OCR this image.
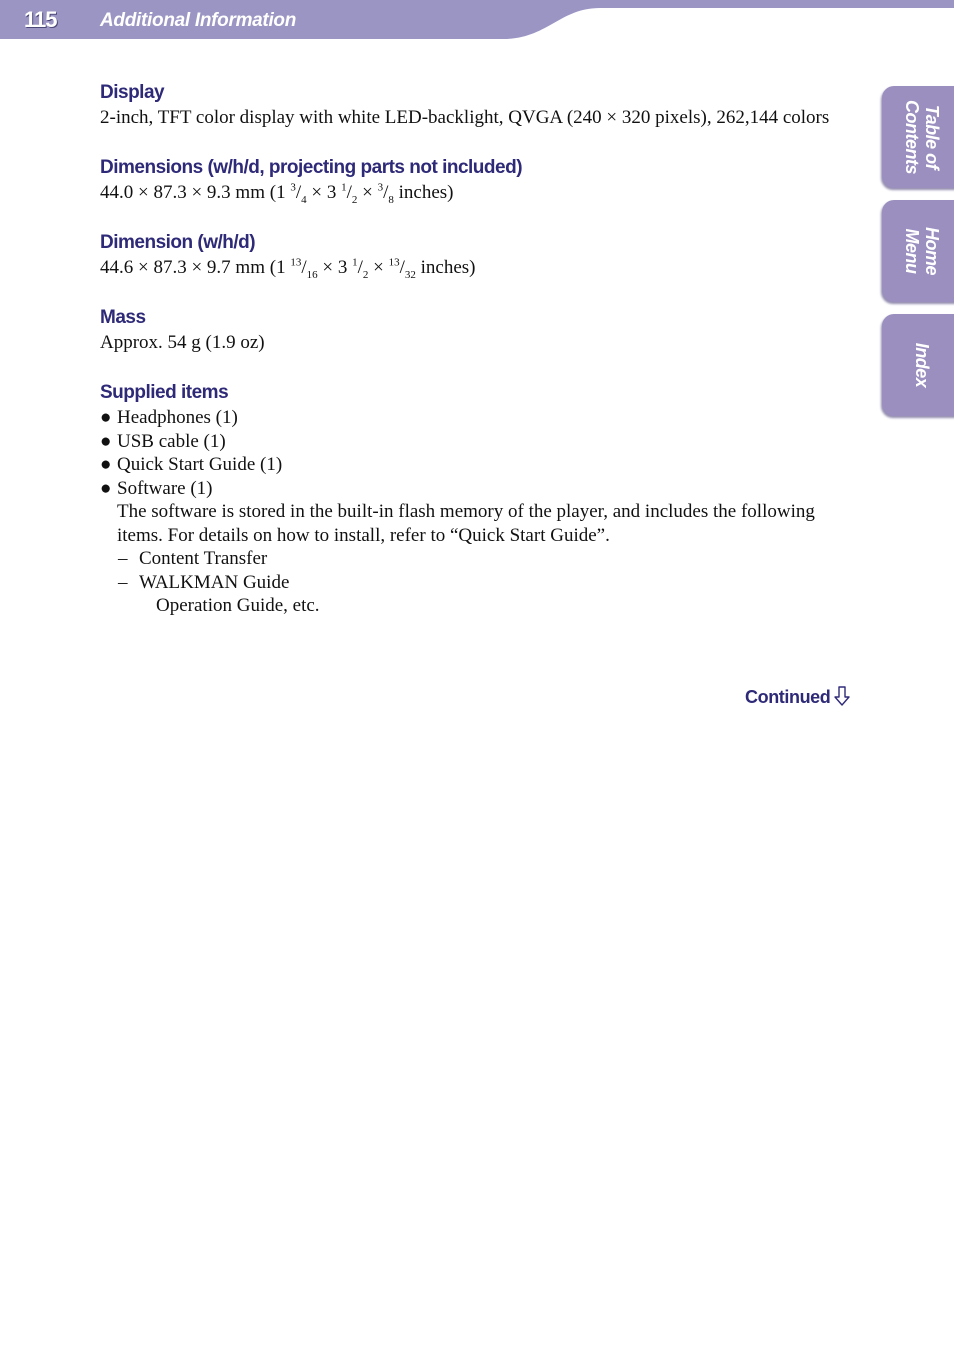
115 Additional Information
Display

2-inch, TFT color display with white LED-backlight, QVGA (240 × 320 pixels), 262,144 colors

Dimensions (w/h/d, projecting parts not included)

44.0 × 87.3 × 9.3 mm (1 $^3/_4 \times 3$ $^1/_2 \times ^3/_8$ inches)

Dimension (w/h/d)

44.6 × 87.3 × 9.7 mm (1 $^{13}/_{16} \times 3$ $^1/_2 \times ^{13}/_{32}$ inches)

Mass

Approx. 54 g (1.9 oz)

Supplied items
● Headphones (1)
● USB cable (1)
● Quick Start Guide (1)
● Software (1)
The software is stored in the built-in flash memory of the player, and includes the following items. For details on how to install, refer to “Quick Start Guide”.
– Content Transfer
– WALKMAN Guide
Operation Guide, etc.
Continued
Table of
Contents
Home
Menu
Index
